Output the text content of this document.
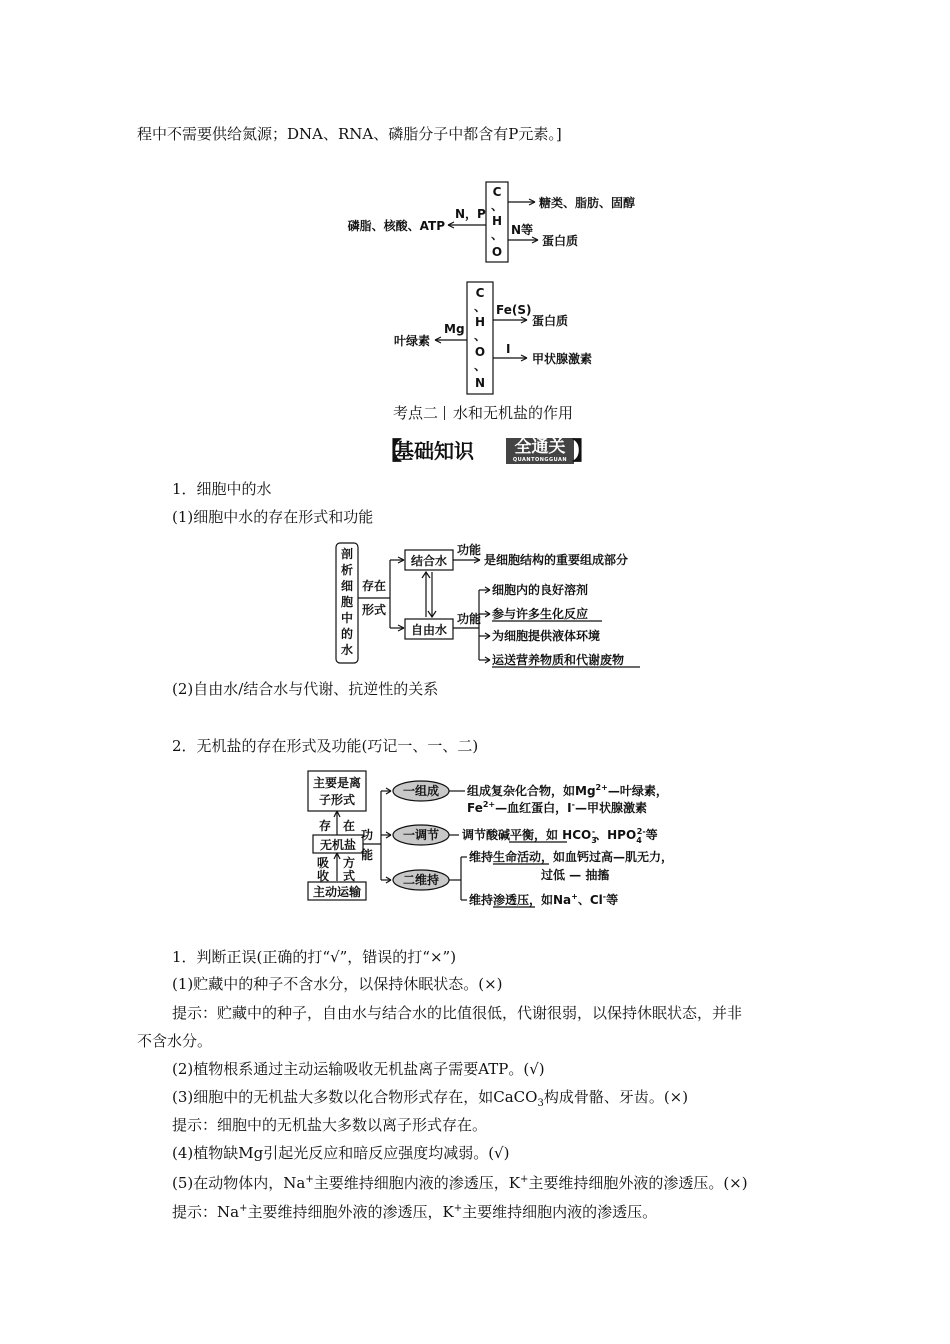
程中不需要供给氮源；DNA、RNA、磷脂分子中都含有P元素。]
C
、
H
、
O
N，P
磷脂、核酸、ATP
糖类、脂肪、固醇
N等
蛋白质
C
、
H
、
O
、
N
Mg
叶绿素
Fe(S)
蛋白质
I
甲状腺激素
考点二 水和无机盐的作用
【
基础知识	全通关
QUANTONGGUAN 】
1．细胞中的水
(1)细胞中水的存在形式和功能
剖
析
细
胞
中
的
水
存在
形式
结合水
自由水
功能
是细胞结构的重要组成部分
功能
细胞内的良好溶剂
参与许多生化反应
为细胞提供液体环境
运送营养物质和代谢废物
(2)自由水/结合水与代谢、抗逆性的关系
2．无机盐的存在形式及功能(巧记一、一、二)
主要是离
子形式
存 在
无机盐
吸
收
方
式
主动运输
功
能
一组成
一调节
二维持
组成复杂化合物，如$Mg^{2+}—$叶绿素，
$Fe^{2+}—$血红蛋白，I-—甲状腺激素
调节酸碱平衡，如 $HCO_3-$、$HPO_42-$等
维持生命活动，如血钙过高—肌无力，
过低 — 抽搐
维持渗透压，如Na+、Cl-等
1．判断正误(正确的打“√”，错误的打“×”)
(1)贮藏中的种子不含水分，以保持休眠状态。(×)
提示：贮藏中的种子，自由水与结合水的比值很低，代谢很弱，以保持休眠状态，并非
不含水分。
(2)植物根系通过主动运输吸收无机盐离子需要ATP。(√)
(3)细胞中的无机盐大多数以化合物形式存在，如CaCO$_3$构成骨骼、牙齿。(×)
提示：细胞中的无机盐大多数以离子形式存在。
(4)植物缺Mg引起光反应和暗反应强度均减弱。(√)
(5)在动物体内，Na+主要维持细胞内液的渗透压，K+主要维持细胞外液的渗透压。(×)
提示：Na+主要维持细胞外液的渗透压，K+主要维持细胞内液的渗透压。
